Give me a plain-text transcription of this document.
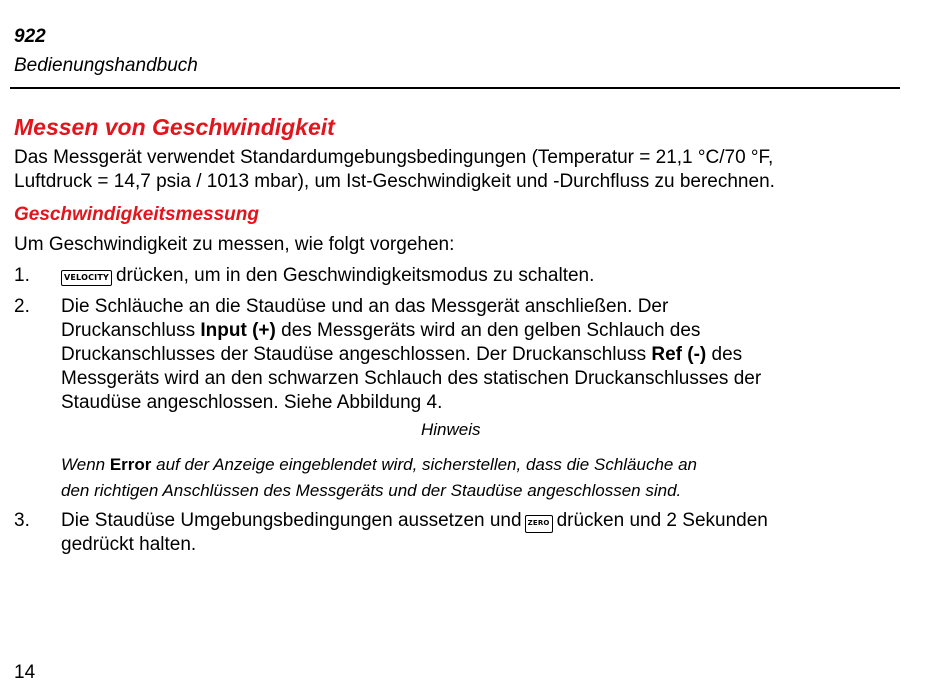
922
Bedienungshandbuch
Messen von Geschwindigkeit
Das Messgerät verwendet Standardumgebungsbedingungen (Temperatur = 21,1 °C/70 °F,
Luftdruck = 14,7 psia / 1013 mbar), um Ist-Geschwindigkeit und -Durchfluss zu berechnen.
Geschwindigkeitsmessung
Um Geschwindigkeit zu messen, wie folgt vorgehen:
1.	VELOCITY drücken, um in den Geschwindigkeitsmodus zu schalten.
2. Die Schläuche an die Staudüse und an das Messgerät anschließen. Der
Druckanschluss Input (+) des Messgeräts wird an den gelben Schlauch des
Druckanschlusses der Staudüse angeschlossen. Der Druckanschluss Ref (-) des
Messgeräts wird an den schwarzen Schlauch des statischen Druckanschlusses der
Staudüse angeschlossen. Siehe Abbildung 4.
Hinweis
Wenn Error auf der Anzeige eingeblendet wird, sicherstellen, dass die Schläuche an
den richtigen Anschlüssen des Messgeräts und der Staudüse angeschlossen sind.
3. Die Staudüse Umgebungsbedingungen aussetzen und ZERO drücken und 2 Sekunden
gedrückt halten.
14
